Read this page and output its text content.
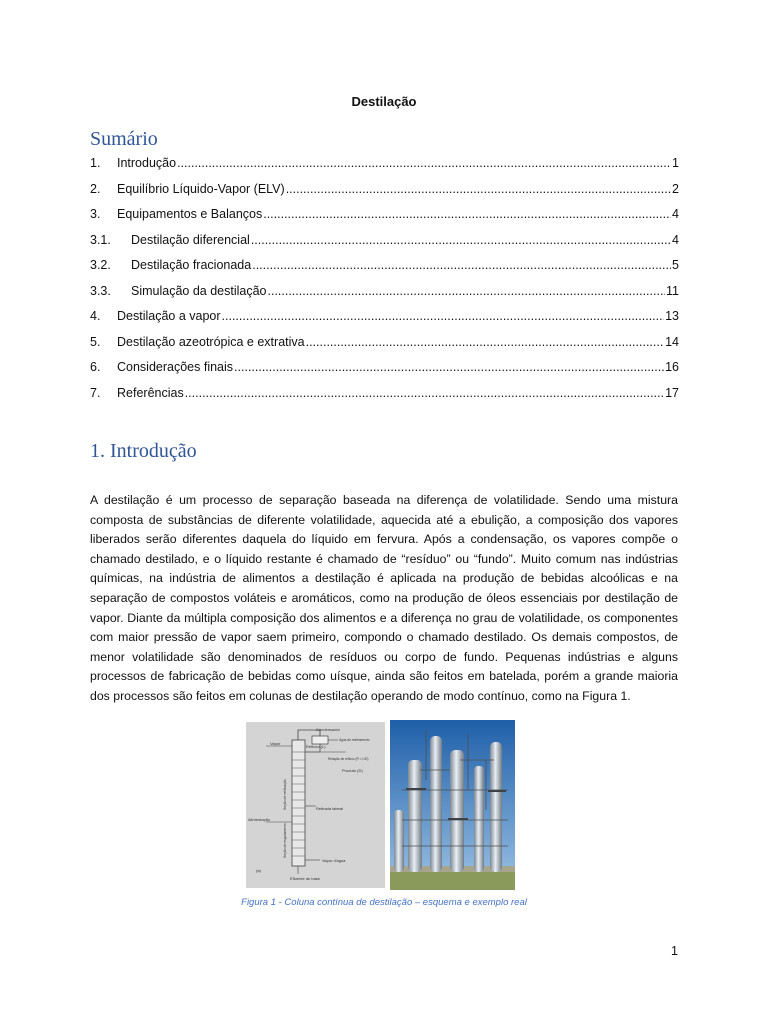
Destilação
Sumário
1.	Introdução .....	1
2.	Equilíbrio Líquido-Vapor (ELV) .....	2
3.	Equipamentos e Balanços .....	4
3.1.	Destilação diferencial .....	4
3.2.	Destilação fracionada .....	5
3.3.	Simulação da destilação .....	11
4.	Destilação a vapor .....	13
5.	Destilação azeotrópica e extrativa .....	14
6.	Considerações finais .....	16
7.	Referências .....	17
1. Introdução
A destilação é um processo de separação baseada na diferença de volatilidade. Sendo uma mistura composta de substâncias de diferente volatilidade, aquecida até a ebulição, a composição dos vapores liberados serão diferentes daquela do líquido em fervura. Após a condensação, os vapores compõe o chamado destilado, e o líquido restante é chamado de “resíduo” ou “fundo”. Muito comum nas indústrias químicas, na indústria de alimentos a destilação é aplicada na produção de bebidas alcoólicas e na separação de compostos voláteis e aromáticos, como na produção de óleos essenciais por destilação de vapor. Diante da múltipla composição dos alimentos e a diferença no grau de volatilidade, os componentes com maior pressão de vapor saem primeiro, compondo o chamado destilado. Os demais compostos, de menor volatilidade são denominados de resíduos ou corpo de fundo. Pequenas indústrias e alguns processos de fabricação de bebidas como uísque, ainda são feitos em batelada, porém a grande maioria dos processos são feitos em colunas de destilação operando de modo contínuo, como na Figura 1.
Vapor
Condensador
Água de resfriamento
Refluxo (L)
Relação de refluxo (R = L/D)
Produto (D)
Seção de retificação	Retirada lateral
Alimentação
Seção de esgotamento
Vapor d'água
Efluente de base
(a)
Figura 1 - Coluna contínua de destilação – esquema e exemplo real
1
